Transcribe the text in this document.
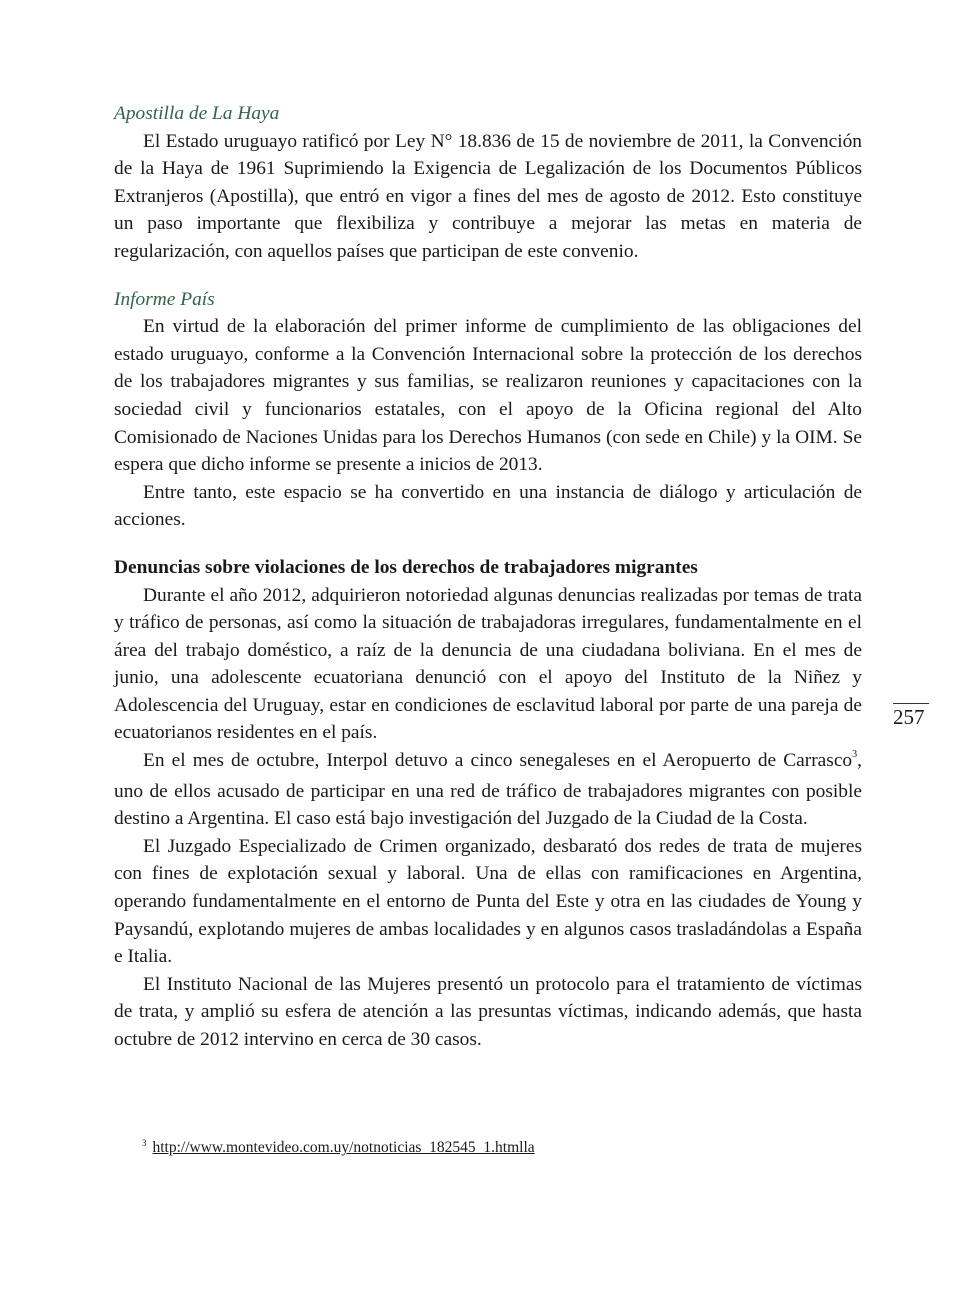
Apostilla de La Haya

El Estado uruguayo ratificó por Ley N° 18.836 de 15 de noviembre de 2011, la Convención de la Haya de 1961 Suprimiendo la Exigencia de Legalización de los Documentos Públicos Extranjeros (Apostilla), que entró en vigor a fines del mes de agosto de 2012. Esto constituye un paso importante que flexibiliza y contribuye a mejorar las metas en materia de regularización, con aquellos países que participan de este convenio.

Informe País

En virtud de la elaboración del primer informe de cumplimiento de las obligaciones del estado uruguayo, conforme a la Convención Internacional sobre la protección de los derechos de los trabajadores migrantes y sus familias, se realizaron reuniones y capacitaciones con la sociedad civil y funcionarios estatales, con el apoyo de la Oficina regional del Alto Comisionado de Naciones Unidas para los Derechos Humanos (con sede en Chile) y la OIM. Se espera que dicho informe se presente a inicios de 2013.

Entre tanto, este espacio se ha convertido en una instancia de diálogo y articulación de acciones.

Denuncias sobre violaciones de los derechos de trabajadores migrantes

Durante el año 2012, adquirieron notoriedad algunas denuncias realizadas por temas de trata y tráfico de personas, así como la situación de trabajadoras irregulares, fundamentalmente en el área del trabajo doméstico, a raíz de la denuncia de una ciudadana boliviana. En el mes de junio, una adolescente ecuatoriana denunció con el apoyo del Instituto de la Niñez y Adolescencia del Uruguay, estar en condiciones de esclavitud laboral por parte de una pareja de ecuatorianos residentes en el país.

En el mes de octubre, Interpol detuvo a cinco senegaleses en el Aeropuerto de Carrasco$^3$, uno de ellos acusado de participar en una red de tráfico de trabajadores migrantes con posible destino a Argentina. El caso está bajo investigación del Juzgado de la Ciudad de la Costa.

El Juzgado Especializado de Crimen organizado, desbarató dos redes de trata de mujeres con fines de explotación sexual y laboral. Una de ellas con ramificaciones en Argentina, operando fundamentalmente en el entorno de Punta del Este y otra en las ciudades de Young y Paysandú, explotando mujeres de ambas localidades y en algunos casos trasladándolas a España e Italia.

El Instituto Nacional de las Mujeres presentó un protocolo para el tratamiento de víctimas de trata, y amplió su esfera de atención a las presuntas víctimas, indicando además, que hasta octubre de 2012 intervino en cerca de 30 casos.

257
$^3$ http://www.montevideo.com.uy/notnoticias_182545_1.htmlla
